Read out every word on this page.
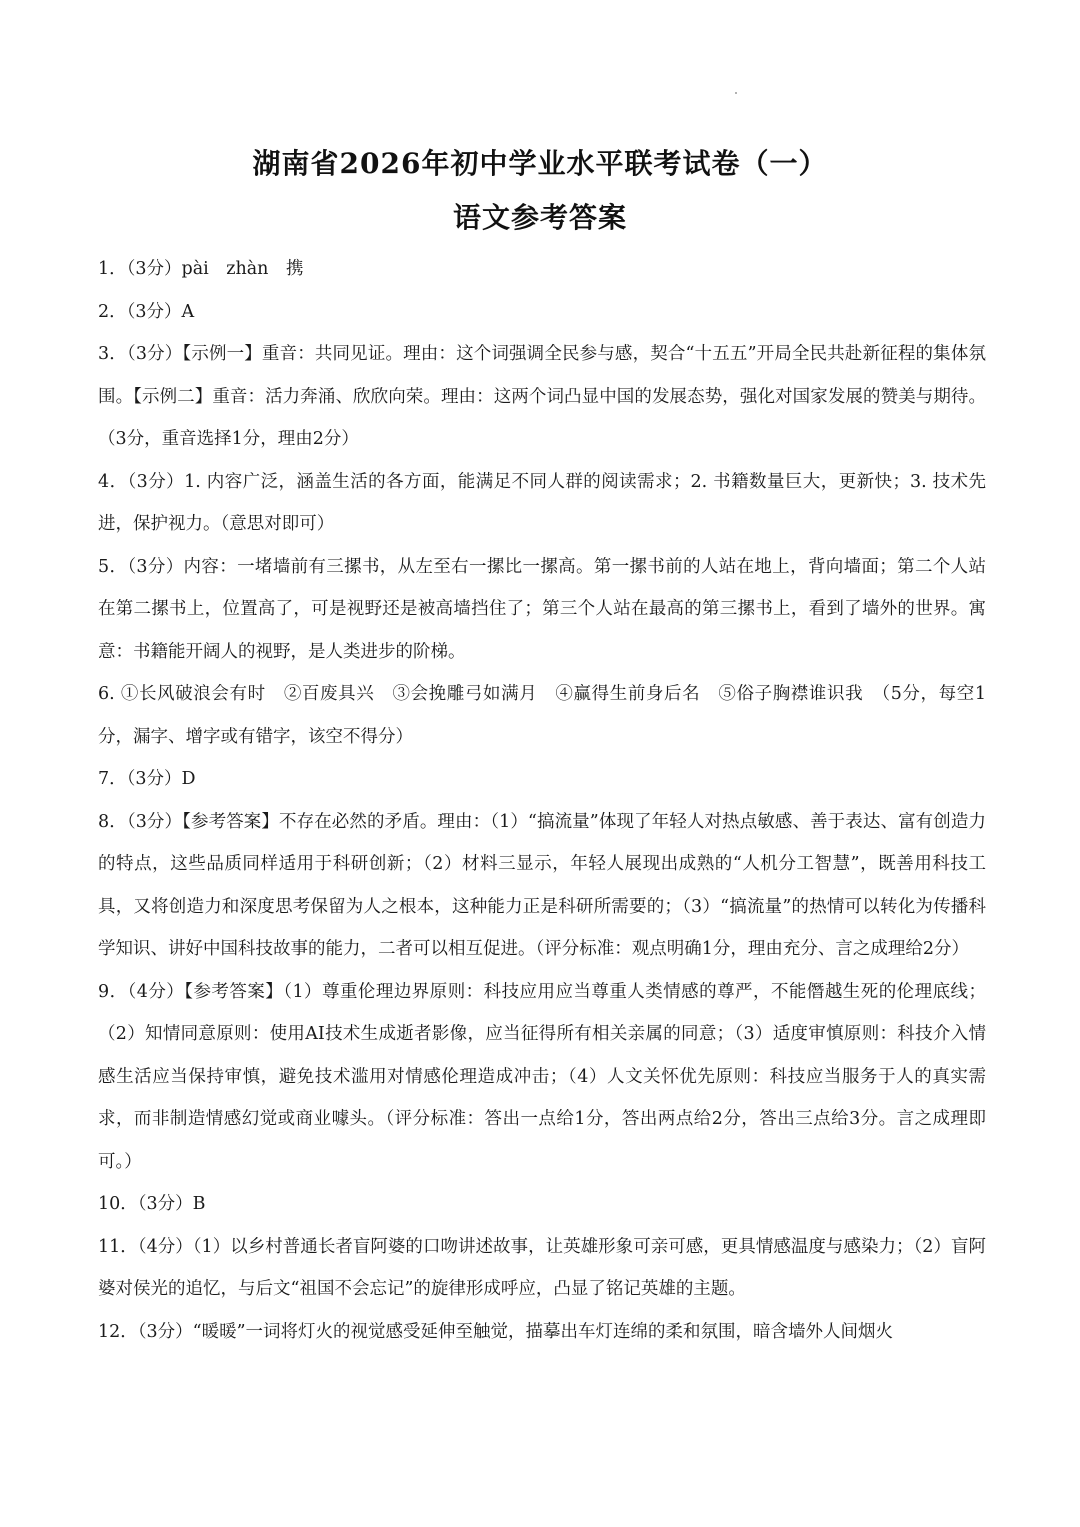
湖南省2026年初中学业水平联考试卷（一）
语文参考答案

1．（3分）pài　zhàn　携

2．（3分）A

3．（3分）【示例一】重音：共同见证。理由：这个词强调全民参与感，契合“十五五”开局全民共赴新征程的集体氛围。【示例二】重音：活力奔涌、欣欣向荣。理由：这两个词凸显中国的发展态势，强化对国家发展的赞美与期待。（3分，重音选择1分，理由2分）

4．（3分）1. 内容广泛，涵盖生活的各方面，能满足不同人群的阅读需求；2. 书籍数量巨大，更新快；3. 技术先进，保护视力。（意思对即可）

5．（3分）内容：一堵墙前有三摞书，从左至右一摞比一摞高。第一摞书前的人站在地上，背向墙面；第二个人站在第二摞书上，位置高了，可是视野还是被高墙挡住了；第三个人站在最高的第三摞书上，看到了墙外的世界。寓意：书籍能开阔人的视野，是人类进步的阶梯。

6. ①长风破浪会有时　②百废具兴　③会挽雕弓如满月　④赢得生前身后名　⑤俗子胸襟谁识我　（5分，每空1分，漏字、增字或有错字，该空不得分）

7．（3分）D

8．（3分）【参考答案】不存在必然的矛盾。理由：（1）“搞流量”体现了年轻人对热点敏感、善于表达、富有创造力的特点，这些品质同样适用于科研创新；（2）材料三显示，年轻人展现出成熟的“人机分工智慧”，既善用科技工具，又将创造力和深度思考保留为人之根本，这种能力正是科研所需要的；（3）“搞流量”的热情可以转化为传播科学知识、讲好中国科技故事的能力，二者可以相互促进。（评分标准：观点明确1分，理由充分、言之成理给2分）

9．（4分）【参考答案】（1）尊重伦理边界原则：科技应用应当尊重人类情感的尊严，不能僭越生死的伦理底线；（2）知情同意原则：使用AI技术生成逝者影像，应当征得所有相关亲属的同意；（3）适度审慎原则：科技介入情感生活应当保持审慎，避免技术滥用对情感伦理造成冲击；（4）人文关怀优先原则：科技应当服务于人的真实需求，而非制造情感幻觉或商业噱头。（评分标准：答出一点给1分，答出两点给2分，答出三点给3分。言之成理即可。）

10．（3分）B

11．（4分）（1）以乡村普通长者盲阿婆的口吻讲述故事，让英雄形象可亲可感，更具情感温度与感染力；（2）盲阿婆对侯光的追忆，与后文“祖国不会忘记”的旋律形成呼应，凸显了铭记英雄的主题。

12．（3分）“暖暖”一词将灯火的视觉感受延伸至触觉，描摹出车灯连绵的柔和氛围，暗含墙外人间烟火
